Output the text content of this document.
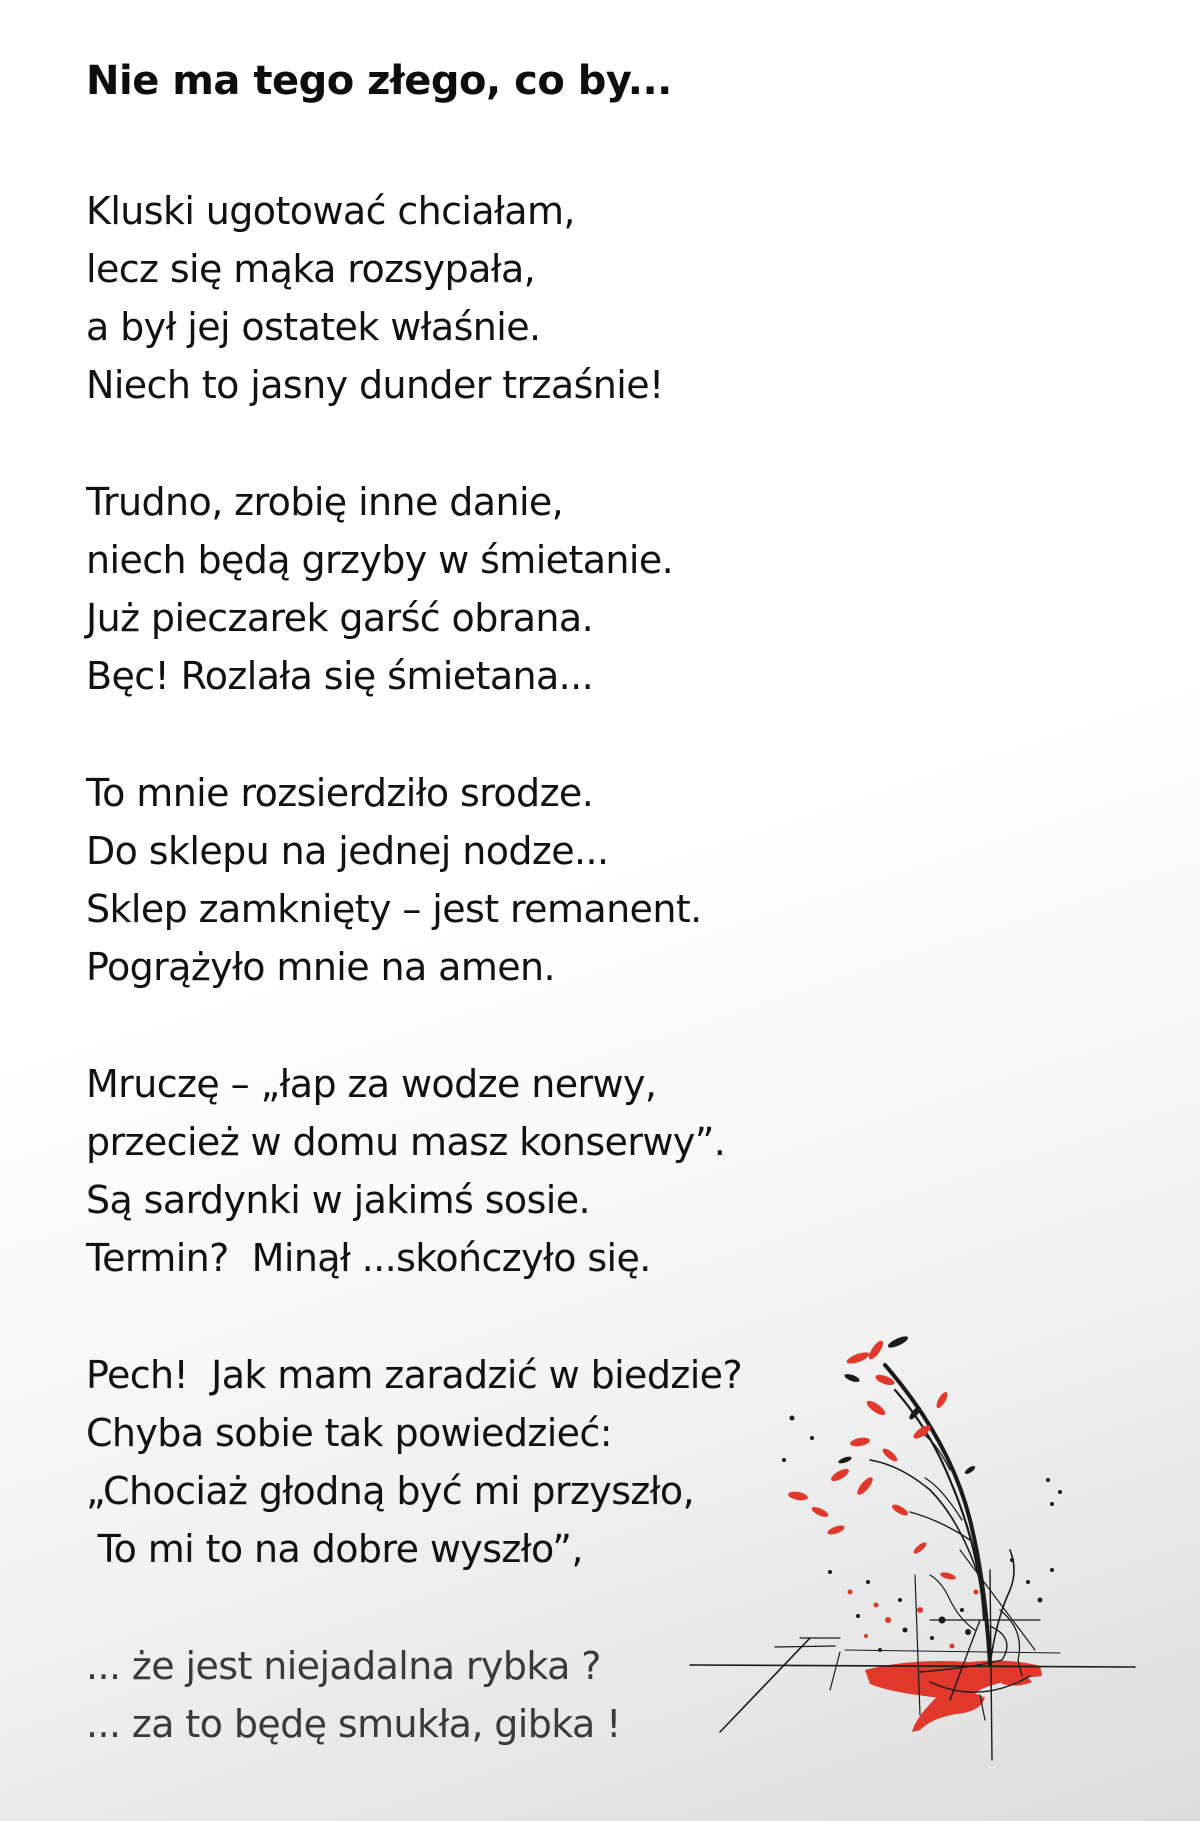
Nie ma tego złego, co by...
Kluski ugotować chciałam,
lecz się mąka rozsypała,
a był jej ostatek właśnie.
Niech to jasny dunder trzaśnie!
Trudno, zrobię inne danie,
niech będą grzyby w śmietanie.
Już pieczarek garść obrana.
Bęc! Rozlała się śmietana...
To mnie rozsierdziło srodze.
Do sklepu na jednej nodze...
Sklep zamknięty – jest remanent.
Pogrążyło mnie na amen.
Mruczę – „łap za wodze nerwy,
przecież w domu masz konserwy”.
Są sardynki w jakimś sosie.
Termin?  Minął ...skończyło się.
Pech!  Jak mam zaradzić w biedzie?
Chyba sobie tak powiedzieć:
„Chociaż głodną być mi przyszło,
To mi to na dobre wyszło”,
... że jest niejadalna rybka ?
... za to będę smukła, gibka !
